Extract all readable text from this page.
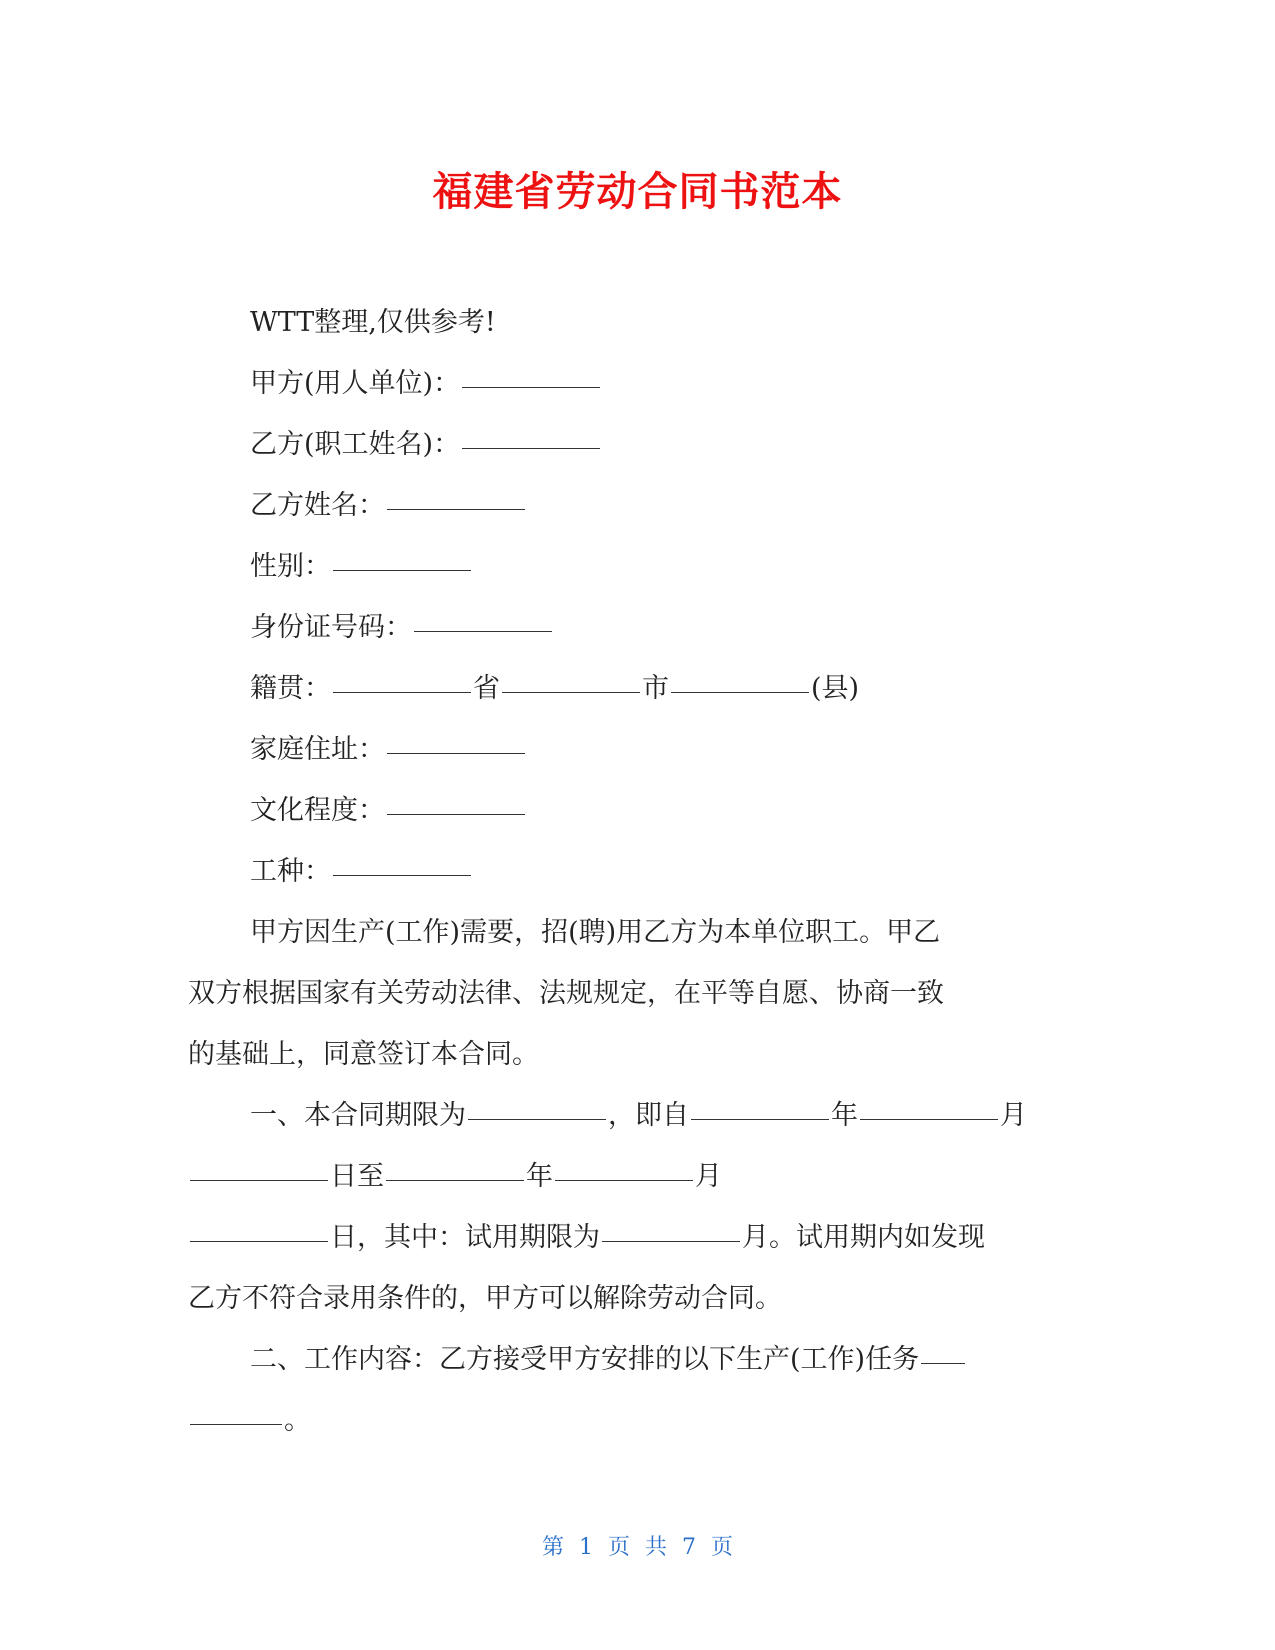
福建省劳动合同书范本
WTT整理,仅供参考!
甲方(用人单位)：
乙方(职工姓名)：
乙方姓名：
性别：
身份证号码：
籍贯：	省	市	(县)
家庭住址：
文化程度：
工种：
甲方因生产(工作)需要，招(聘)用乙方为本单位职工。甲乙
双方根据国家有关劳动法律、法规规定，在平等自愿、协商一致
的基础上，同意签订本合同。
一、本合同期限为	，即自	年	月
日至	年	月
日，其中：试用期限为	月。试用期内如发现
乙方不符合录用条件的，甲方可以解除劳动合同。
二、工作内容：乙方接受甲方安排的以下生产(工作)任务
。
第 1 页 共 7 页
